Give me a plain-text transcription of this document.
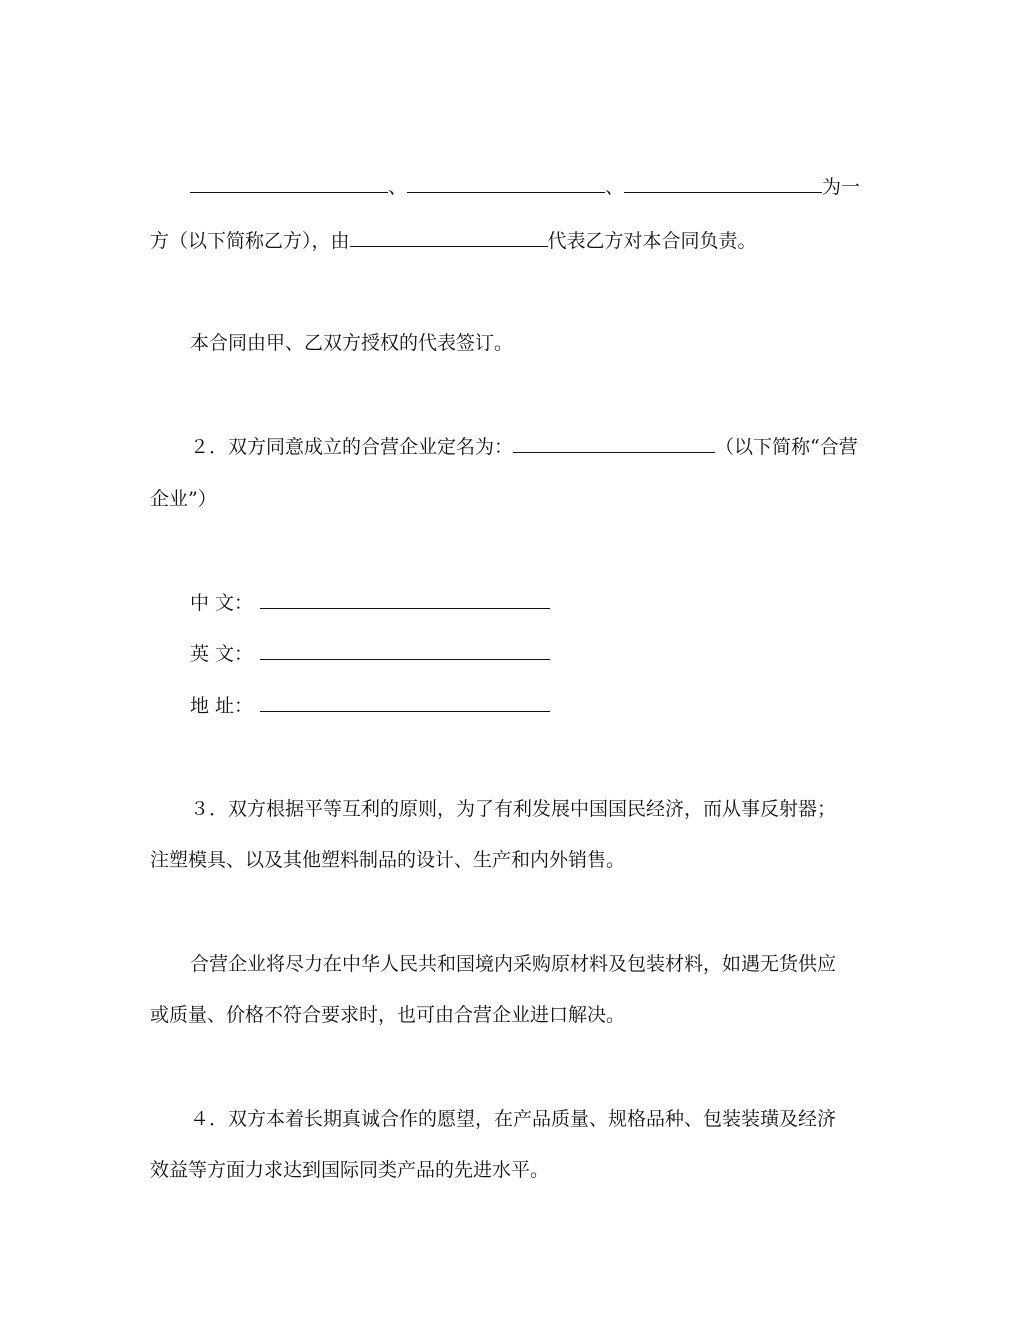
、	、	为一
方（以下简称乙方），由	代表乙方对本合同负责。
本合同由甲、乙双方授权的代表签订。
２．双方同意成立的合营企业定名为：	（以下简称“合营
企业”）
中 文：
英 文：
地 址：
３．双方根据平等互利的原则，为了有利发展中国国民经济，而从事反射器；
注塑模具、以及其他塑料制品的设计、生产和内外销售。
合营企业将尽力在中华人民共和国境内采购原材料及包装材料，如遇无货供应
或质量、价格不符合要求时，也可由合营企业进口解决。
４．双方本着长期真诚合作的愿望，在产品质量、规格品种、包装装璜及经济
效益等方面力求达到国际同类产品的先进水平。
